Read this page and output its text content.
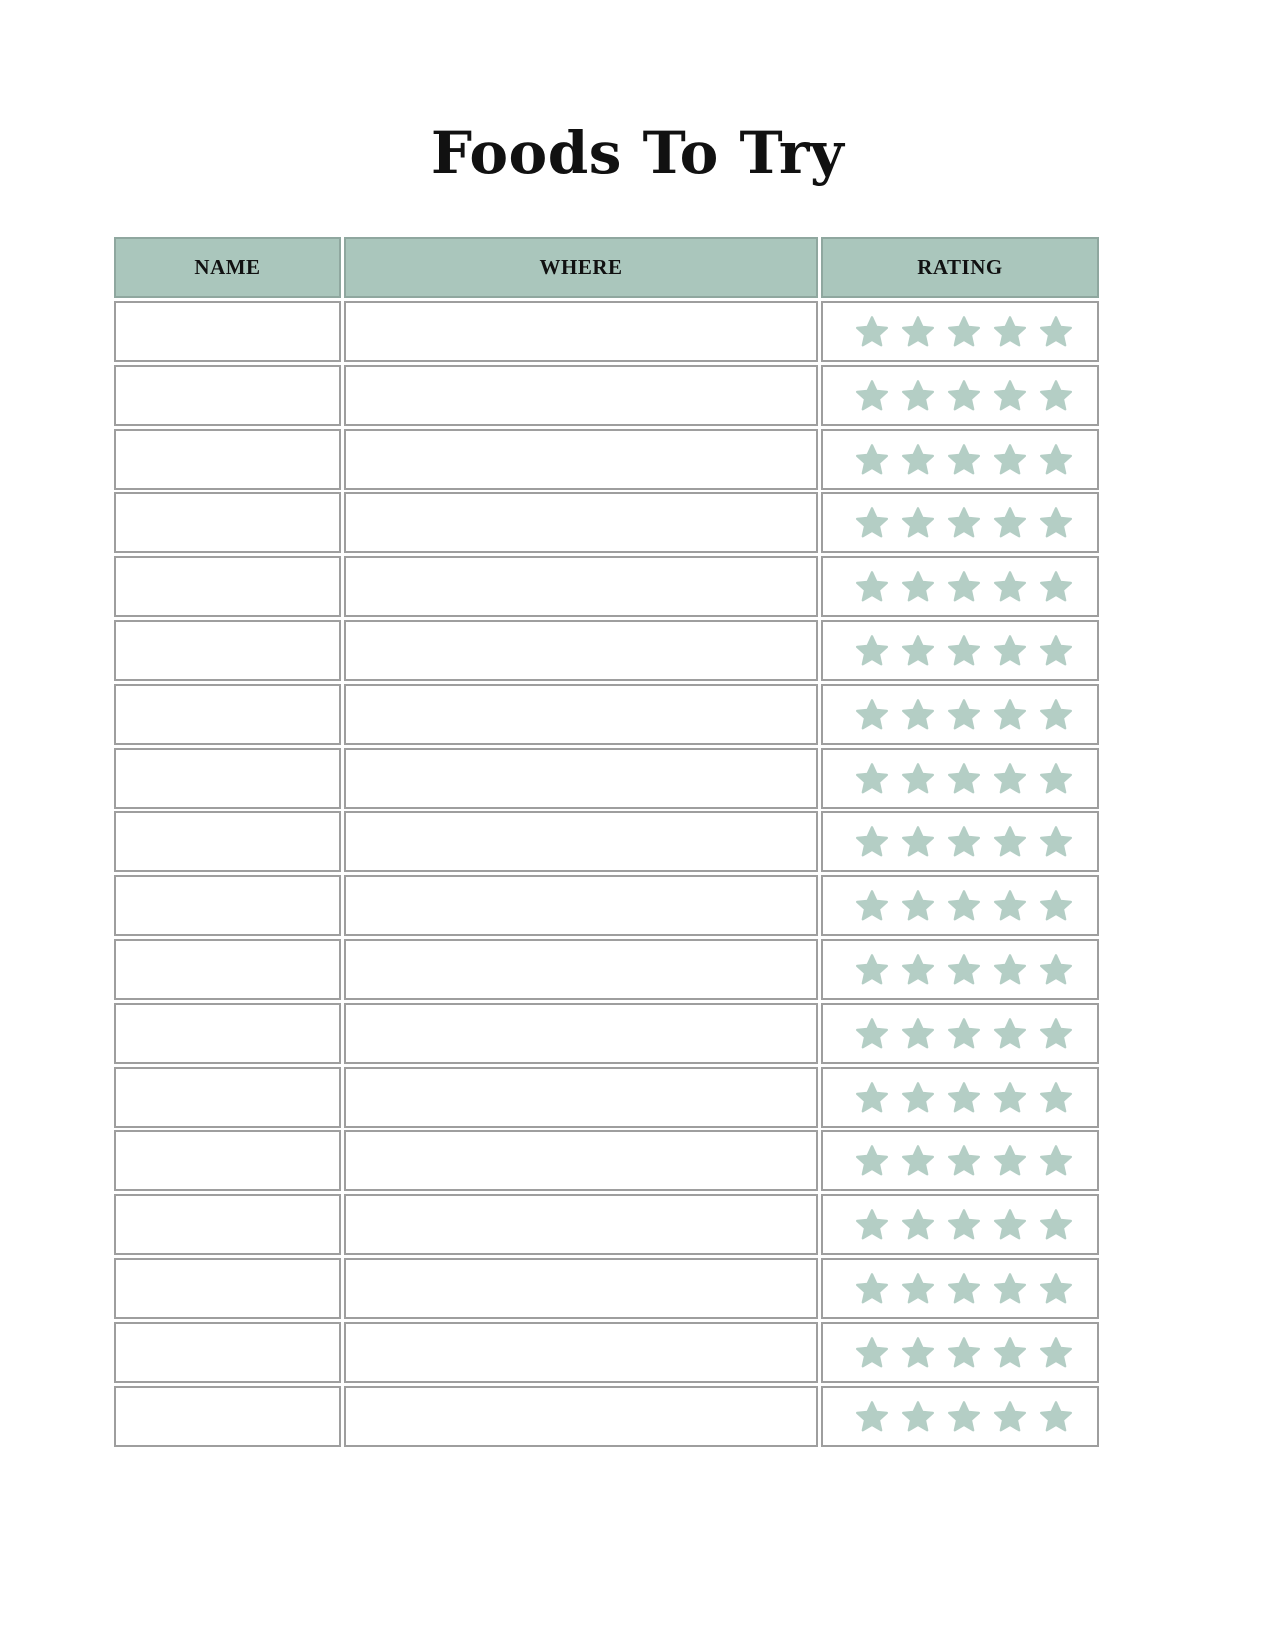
Foods To Try
NAME	WHERE	RATING
